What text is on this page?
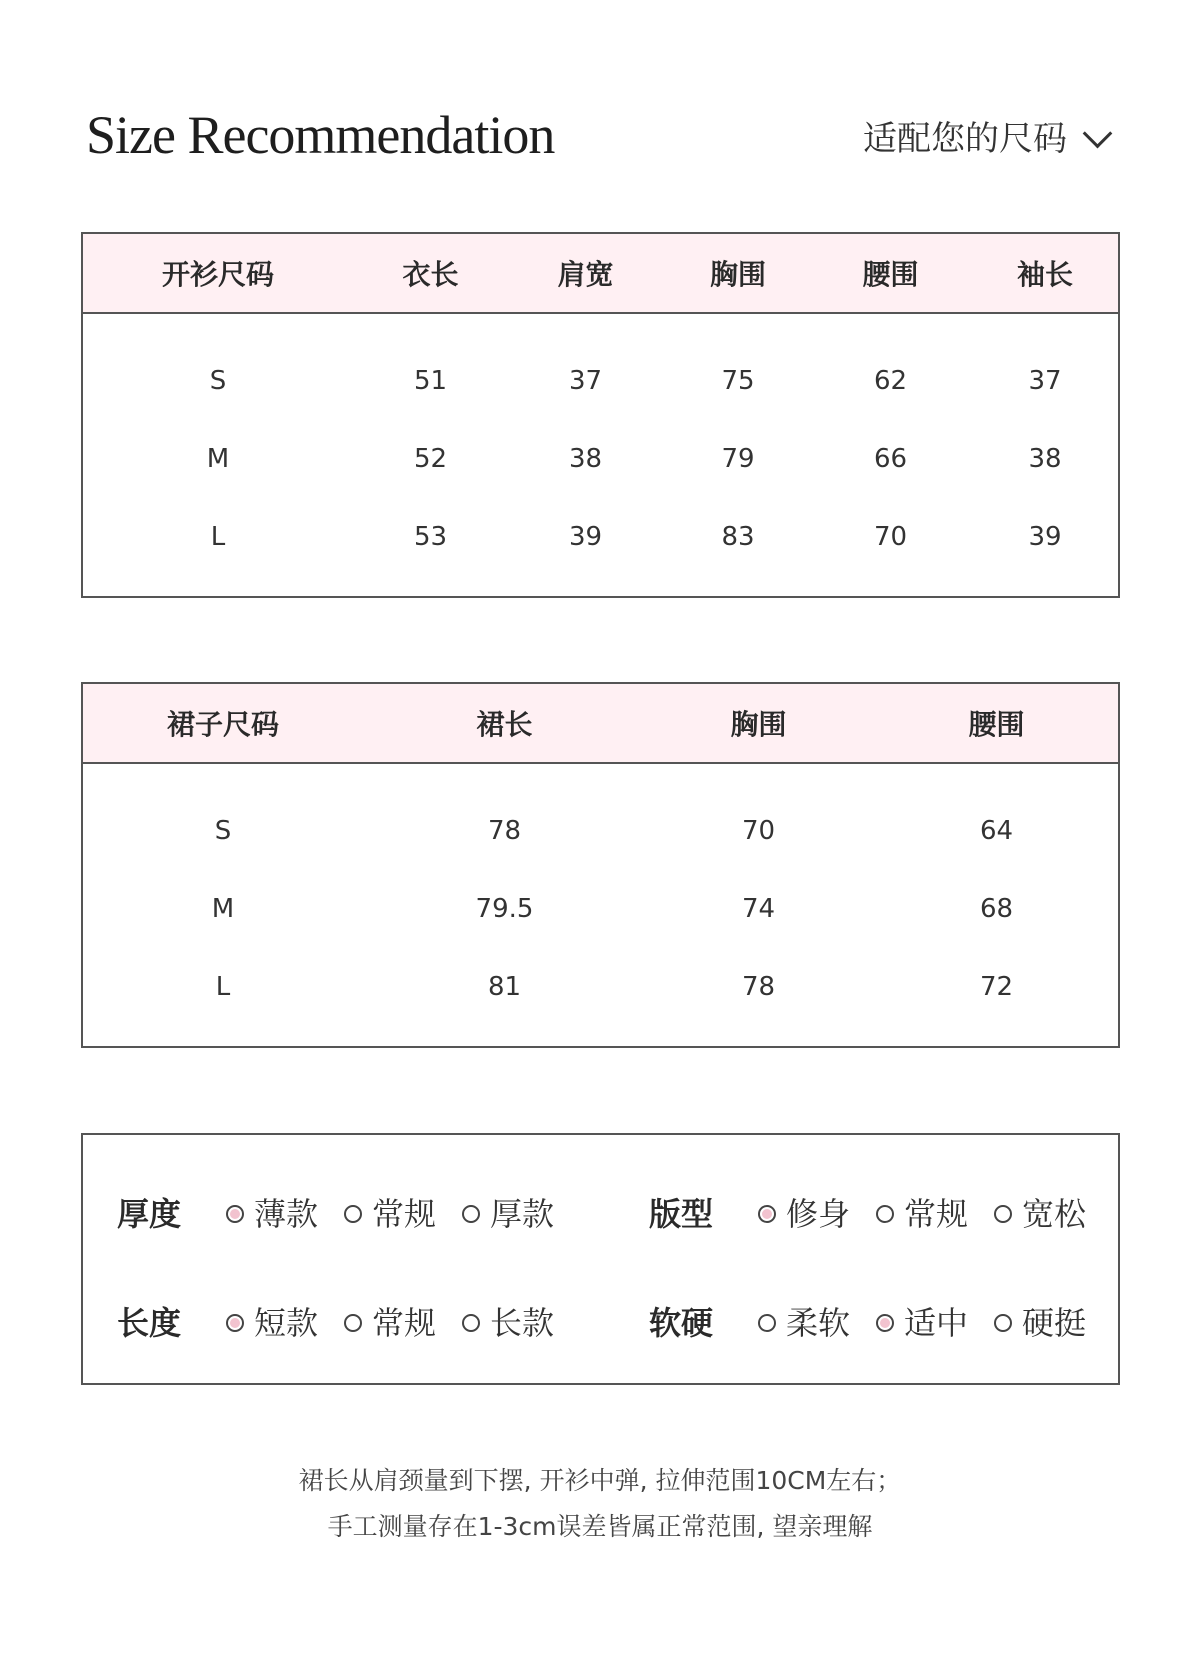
Size Recommendation	适配您的尺码
开衫尺码	衣长	肩宽	胸围	腰围	袖长
S	51	37	75	62	37
M	52	38	79	66	38
L	53	39	83	70	39
裙子尺码	裙长	胸围	腰围
S	78	70	64
M	79.5	74	68
L	81	78	72
厚度 薄款 常规 厚款	版型 修身 常规 宽松
长度 短款 常规 长款	软硬 柔软 适中 硬挺
裙长从肩颈量到下摆, 开衫中弹, 拉伸范围10CM左右；
手工测量存在1-3cm误差皆属正常范围, 望亲理解
